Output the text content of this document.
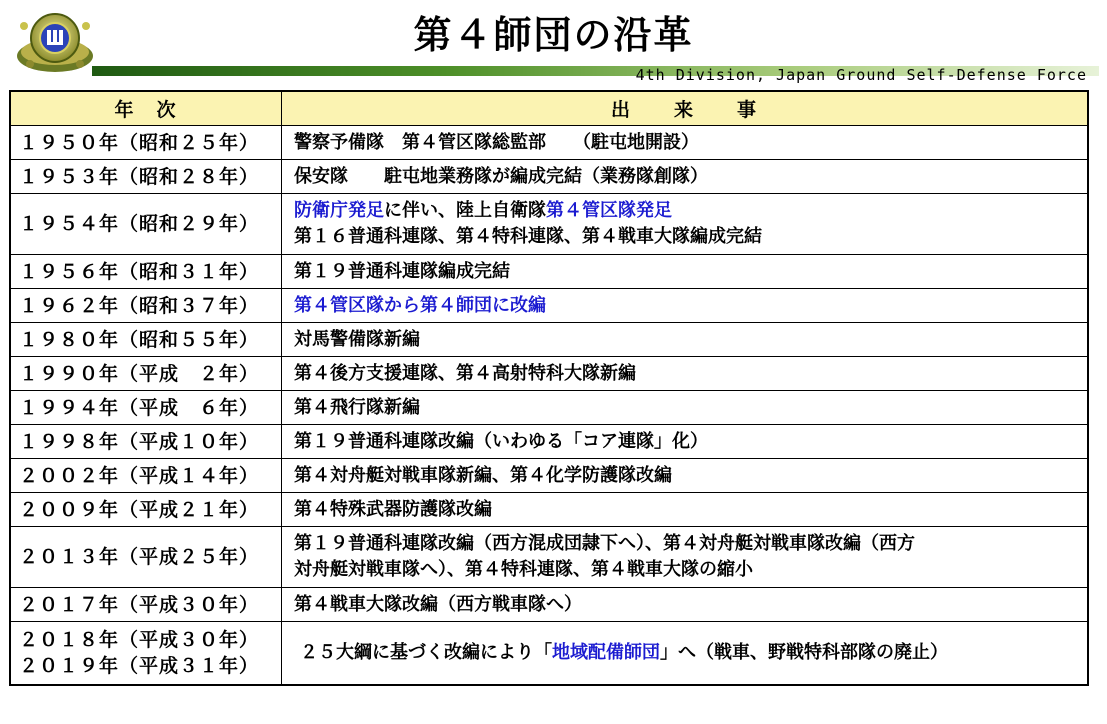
第４師団の沿革
4th Division, Japan Ground Self-Defense Force
年　次	出　　来　　事
１９５０年（昭和２５年）	警察予備隊　第４管区隊総監部　　（駐屯地開設）
１９５３年（昭和２８年）	保安隊　　駐屯地業務隊が編成完結（業務隊創隊）
１９５４年（昭和２９年）	防衛庁発足に伴い、陸上自衛隊第４管区隊発足
第１６普通科連隊、第４特科連隊、第４戦車大隊編成完結

１９５６年（昭和３１年）	第１９普通科連隊編成完結
１９６２年（昭和３７年）	第４管区隊から第４師団に改編
１９８０年（昭和５５年）	対馬警備隊新編
１９９０年（平成　２年）	第４後方支援連隊、第４高射特科大隊新編
１９９４年（平成　６年）	第４飛行隊新編
１９９８年（平成１０年）	第１９普通科連隊改編（いわゆる「コア連隊」化）
２００２年（平成１４年）	第４対舟艇対戦車隊新編、第４化学防護隊改編
２００９年（平成２１年）	第４特殊武器防護隊改編
２０１３年（平成２５年）	第１９普通科連隊改編（西方混成団隷下へ）、第４対舟艇対戦車隊改編（西方
対舟艇対戦車隊へ）、第４特科連隊、第４戦車大隊の縮小

２０１７年（平成３０年）	第４戦車大隊改編（西方戦車隊へ）

２０１８年（平成３０年）
２０１９年（平成３１年）	２５大綱に基づく改編により「地域配備師団」へ（戦車、野戦特科部隊の廃止）
